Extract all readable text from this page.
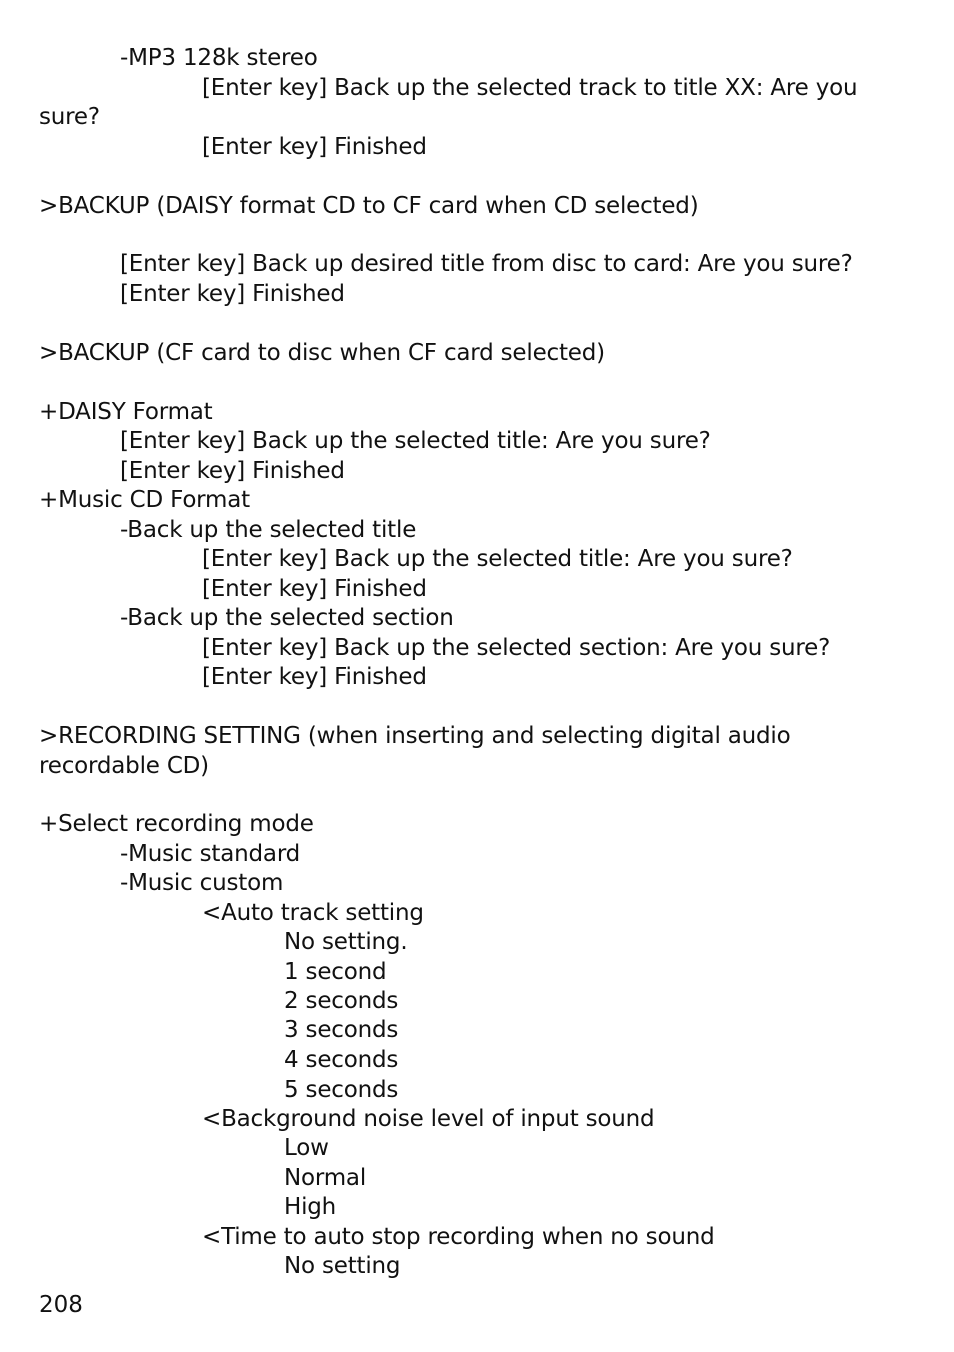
-MP3 128k stereo
[Enter key] Back up the selected track to title XX: Are you
sure?
[Enter key] Finished
>BACKUP (DAISY format CD to CF card when CD selected)
[Enter key] Back up desired title from disc to card: Are you sure?
[Enter key] Finished
>BACKUP (CF card to disc when CF card selected)
+DAISY Format
[Enter key] Back up the selected title: Are you sure?
[Enter key] Finished
+Music CD Format
-Back up the selected title
[Enter key] Back up the selected title: Are you sure?
[Enter key] Finished
-Back up the selected section
[Enter key] Back up the selected section: Are you sure?
[Enter key] Finished
>RECORDING SETTING (when inserting and selecting digital audio
recordable CD)
+Select recording mode
-Music standard
-Music custom
<Auto track setting
No setting.
1 second
2 seconds
3 seconds
4 seconds
5 seconds
<Background noise level of input sound
Low
Normal
High
<Time to auto stop recording when no sound
No setting
208
